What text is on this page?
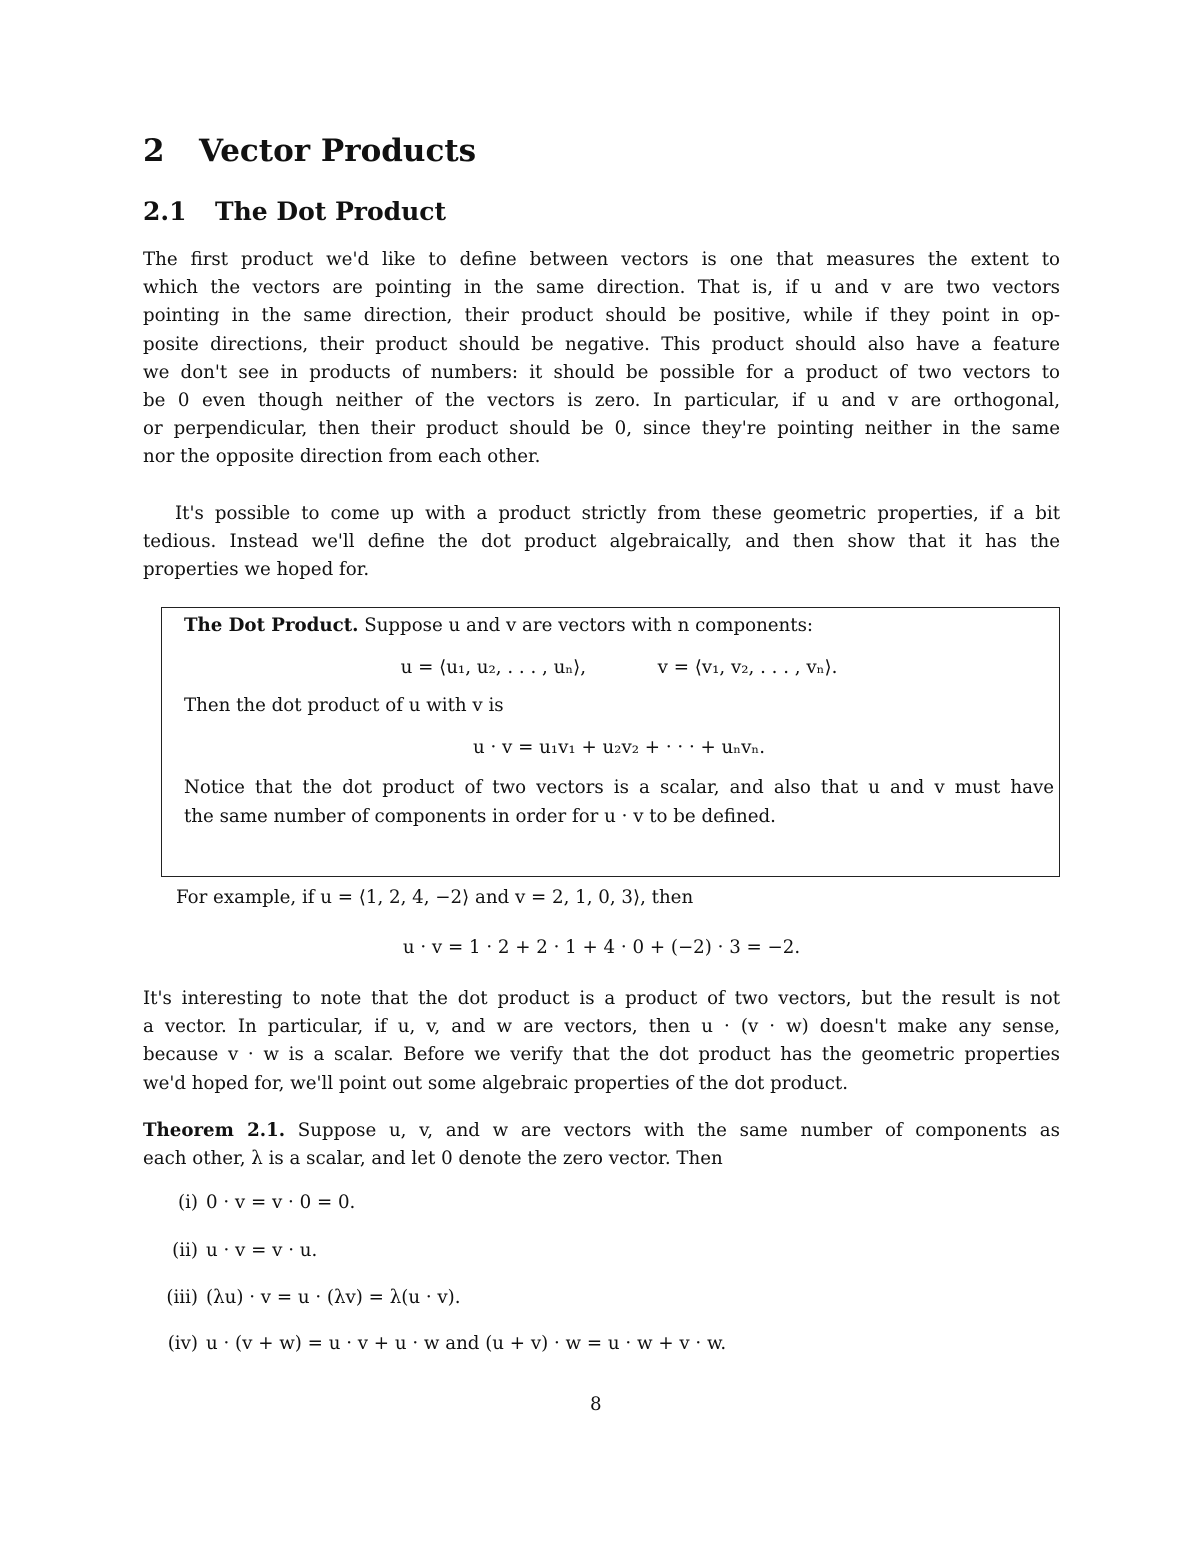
2 Vector Products
2.1 The Dot Product
The first product we'd like to define between vectors is one that measures the extent to
which the vectors are pointing in the same direction. That is, if u and v are two vectors
pointing in the same direction, their product should be positive, while if they point in op-
posite directions, their product should be negative. This product should also have a feature
we don't see in products of numbers: it should be possible for a product of two vectors to
be 0 even though neither of the vectors is zero. In particular, if u and v are orthogonal,
or perpendicular, then their product should be 0, since they're pointing neither in the same
nor the opposite direction from each other.
It's possible to come up with a product strictly from these geometric properties, if a bit
tedious. Instead we'll define the dot product algebraically, and then show that it has the
properties we hoped for.
The Dot Product. Suppose u and v are vectors with n components:
u = ⟨u₁, u₂, . . . , uₙ⟩,	v = ⟨v₁, v₂, . . . , vₙ⟩.
Then the dot product of u with v is
u · v = u₁v₁ + u₂v₂ + · · · + uₙvₙ.
Notice that the dot product of two vectors is a scalar, and also that u and v must have
the same number of components in order for u · v to be defined.
For example, if u = ⟨1, 2, 4, −2⟩ and v = 2, 1, 0, 3⟩, then
u · v = 1 · 2 + 2 · 1 + 4 · 0 + (−2) · 3 = −2.
It's interesting to note that the dot product is a product of two vectors, but the result is not
a vector. In particular, if u, v, and w are vectors, then u · (v · w) doesn't make any sense,
because v · w is a scalar. Before we verify that the dot product has the geometric properties
we'd hoped for, we'll point out some algebraic properties of the dot product.
Theorem 2.1. Suppose u, v, and w are vectors with the same number of components as
each other, λ is a scalar, and let 0 denote the zero vector. Then
(i) 0 · v = v · 0 = 0.
(ii) u · v = v · u.
(iii) (λu) · v = u · (λv) = λ(u · v).
(iv) u · (v + w) = u · v + u · w and (u + v) · w = u · w + v · w.
8
